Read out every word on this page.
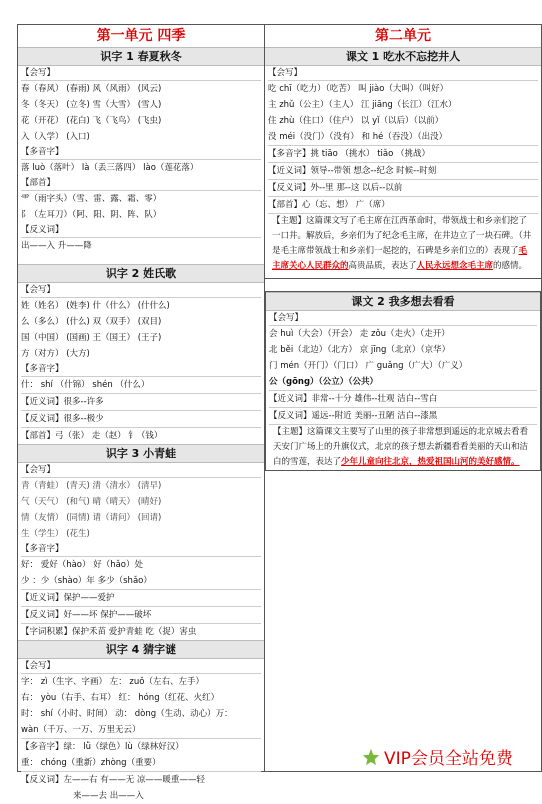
第一单元 四季
识字 1 春夏秋冬
【会写】
春（春风） (春雨) 风（风雨） (风云)
冬（冬天） (立冬) 雪（大雪） (雪人)
花（开花） (花白) 飞（飞鸟） (飞虫)
入（入学） (入口)
【多音字】
落 luò（落叶） là（丢三落四） lào（莲花落）
【部首】
⻗（雨字头）（雪、雷、露、霜、零）
阝（左耳刀）（阿、阳、阴、阵、队）
【反义词】
出——入 升——降
识字 2 姓氏歌
【会写】
姓（姓名） (姓李) 什（什么） (什什么)
么（多么） (什么) 双（双手） (双目)
国（中国） (国画) 王（国王） (王子)
方（对方） (大方)
【多音字】
什： shí （什锦） shén （什么）
【近义词】很多--许多
【反义词】很多--极少
【部首】弓（张） 走（赵） 钅（钱）
识字 3 小青蛙
【会写】
青（青蛙） (青天) 清（清水） (清早)
气（天气） (和气) 晴（晴天） (晴好)
情（友情） (同情) 请（请问） (回请)
生（学生） (花生)
【多音字】
好： 爱好（hào） 好（hǎo）处
少 ：少（shào）年 多少（shǎo）
【近义词】保护——爱护
【反义词】好——坏 保护——破坏
【字词积累】保护禾苗 爱护青蛙 吃（捉）害虫
识字 4 猜字谜
【会写】
字： zì（生字、字画） 左： zuǒ（左右、左手）
右： yòu（右手、右耳） 红： hóng（红花、火红）
时： shí（小时、时间） 动： dòng（生动、动心）万：
wàn（千万、一万、万里无云）
【多音字】绿： lǜ（绿色）lù（绿林好汉）
重： chóng（重新）zhòng（重要）
【反义词】左——右 有——无 凉——暖重——轻
来——去 出——入
第二单元
课文 1 吃水不忘挖井人
【会写】
吃 chī（吃力）（吃苦） 叫 jiào（大叫）（叫好）
主 zhǔ（公主）（主人） 江 jiāng（长江）（江水）
住 zhù（住口）（住户） 以 yǐ（以后）（以前）
没 méi（没门）（没有） 和 hé（吞没）（出没）
【多音字】挑 tiāo （挑水） tiǎo （挑战）
【近义词】领导--带领 想念--纪念 时候--时刻
【反义词】外--里 那--这 以后--以前
【部首】心（忘、想） 广（席）
【主题】这篇课文写了毛主席在江西革命时，带领战士和乡亲们挖了一口井。解放后，乡亲们为了纪念毛主席，在井边立了一块石碑。（井是毛主席带领战士和乡亲们一起挖的，石碑是乡亲们立的）表现了毛主席关心人民群众的高贵品质，表达了人民永远想念毛主席的感情。
课文 2 我多想去看看
【会写】
会 huì（大会）（开会） 走 zǒu（走火）（走开）
北 běi（北边）（北方） 京 jīng（北京）（京华）
门 mén（开门）（门口） 广 guǎng（广大）（广义）
公（gōng）（公立）（公共）
【近义词】非常--十分 雄伟--壮观 洁白--雪白
【反义词】遥远--附近 美丽--丑陋 洁白--漆黑
【主题】这篇课文主要写了山里的孩子非常想到遥远的北京城去看看天安门广场上的升旗仪式，北京的孩子想去新疆看看美丽的天山和洁白的雪莲，表达了少年儿童向往北京，热爱祖国山河的美好感情。
VIP会员全站免费
